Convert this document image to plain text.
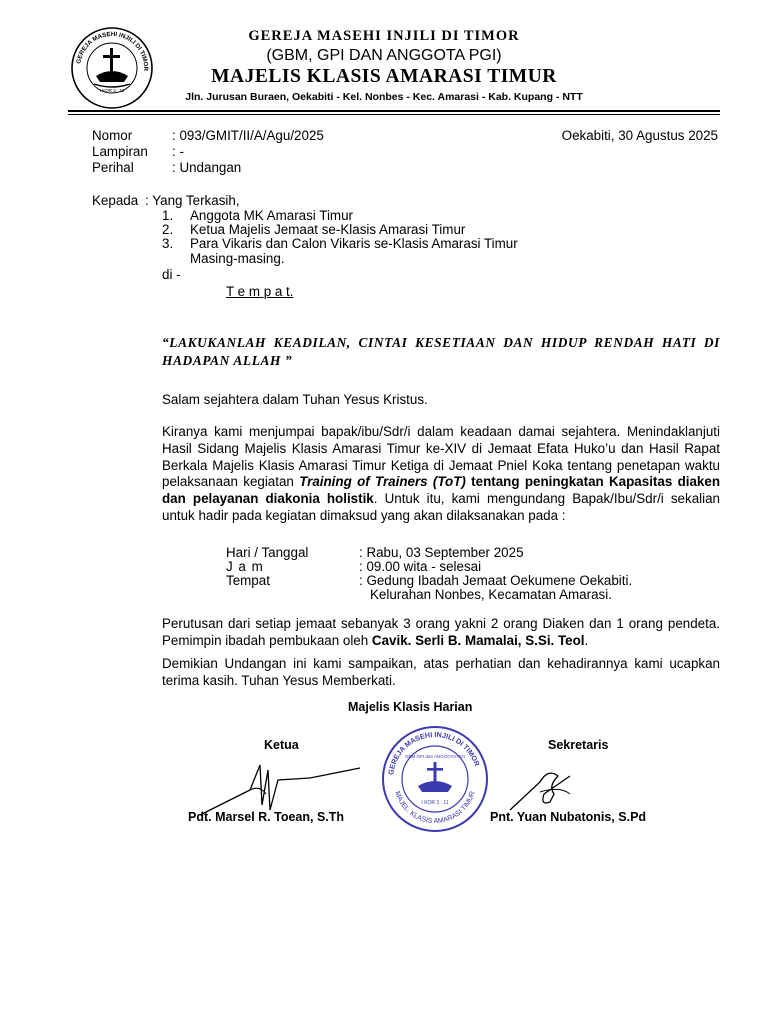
GEREJA MASEHI INJILI DI TIMOR
I KOR 3 : 11
GEREJA MASEHI INJILI DI TIMOR
(GBM, GPI DAN ANGGOTA PGI)
MAJELIS KLASIS AMARASI TIMUR
Jln. Jurusan Buraen, Oekabiti - Kel. Nonbes - Kec. Amarasi - Kab. Kupang - NTT
Nomor	: 093/GMIT/II/A/Agu/2025	Oekabiti, 30 Agustus 2025
Lampiran : -
Perihal	: Undangan
Kepada : Yang Terkasih,
1. Anggota MK Amarasi Timur
2. Ketua Majelis Jemaat se-Klasis Amarasi Timur
3. Para Vikaris dan Calon Vikaris se-Klasis Amarasi Timur
Masing-masing.
di -
T e m p a t.
“LAKUKANLAH KEADILAN, CINTAI KESETIAAN DAN HIDUP RENDAH HATI DI HADAPAN ALLAH ”
Salam sejahtera dalam Tuhan Yesus Kristus.
Kiranya kami menjumpai bapak/ibu/Sdr/i dalam keadaan damai sejahtera. Menindaklanjuti Hasil Sidang Majelis Klasis Amarasi Timur ke-XIV di Jemaat Efata Huko’u dan Hasil Rapat Berkala Majelis Klasis Amarasi Timur Ketiga di Jemaat Pniel Koka tentang penetapan waktu pelaksanaan kegiatan Training of Trainers (ToT) tentang peningkatan Kapasitas diaken dan pelayanan diakonia holistik. Untuk itu, kami mengundang Bapak/Ibu/Sdr/i sekalian untuk hadir pada kegiatan dimaksud yang akan dilaksanakan pada :
Hari / Tanggal	: Rabu, 03 September 2025
J a m	: 09.00 wita - selesai
Tempat	: Gedung Ibadah Jemaat Oekumene Oekabiti.
Kelurahan Nonbes, Kecamatan Amarasi.
Perutusan dari setiap jemaat sebanyak 3 orang yakni 2 orang Diaken dan 1 orang pendeta. Pemimpin ibadah pembukaan oleh Cavik. Serli B. Mamalai, S.Si. Teol.
Demikian Undangan ini kami sampaikan, atas perhatian dan kehadirannya kami ucapkan terima kasih. Tuhan Yesus Memberkati.
Majelis Klasis Harian
Ketua	Sekretaris
GEREJA MASEHI INJILI DI TIMOR
MAJEL. KLASIS AMARASI TIMUR
GBM GPI dan ANGGOTA PGI
I KOR 3 : 11
Pdt. Marsel R. Toean, S.Th	Pnt. Yuan Nubatonis, S.Pd
